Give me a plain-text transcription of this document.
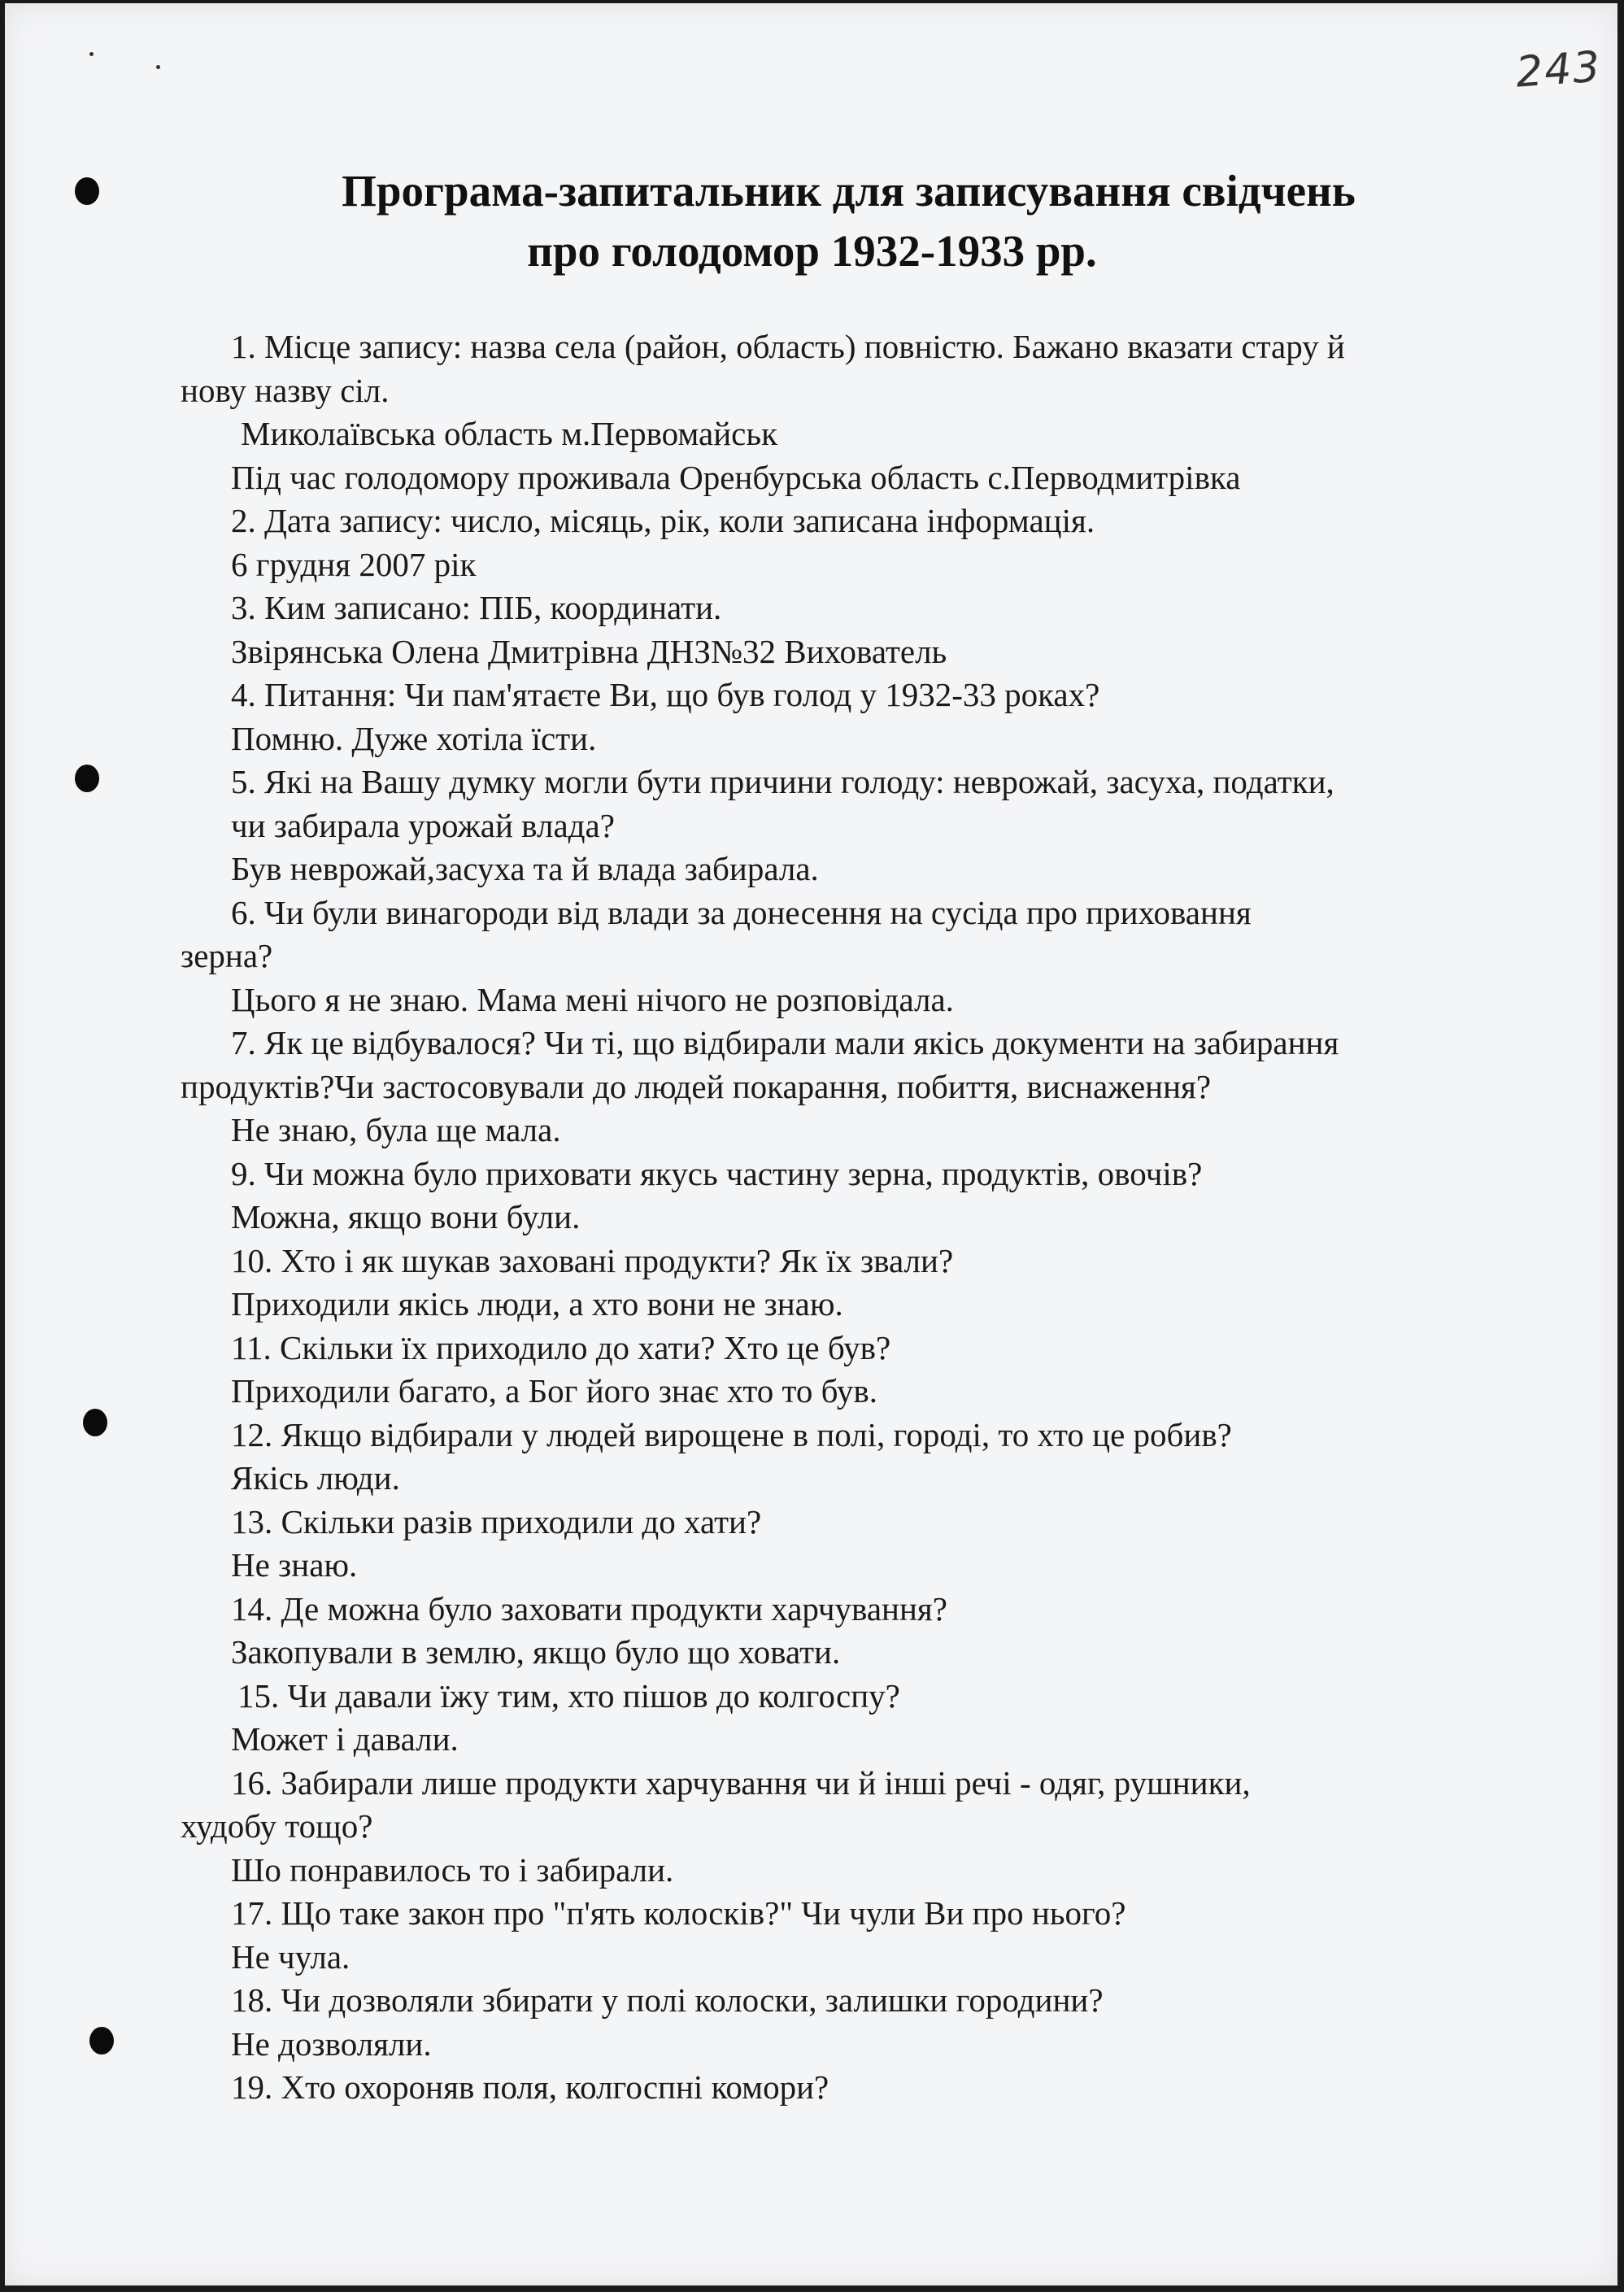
243
Програма-запитальник для записування свідчень
про голодомор 1932-1933 рр.
1. Місце запису: назва села (район, область) повністю. Бажано вказати стару й
нову назву сіл.
Миколаївська область м.Первомайськ
Під час голодомору проживала Оренбурська область с.Перводмитрівка
2. Дата запису: число, місяць, рік, коли записана інформація.
6 грудня 2007 рік
3. Ким записано: ПІБ, координати.
Звірянська Олена Дмитрівна ДНЗ№32 Вихователь
4. Питання: Чи пам'ятаєте Ви, що був голод у 1932-33 роках?
Помню. Дуже хотіла їсти.
5. Які на Вашу думку могли бути причини голоду: неврожай, засуха, податки,
чи забирала урожай влада?
Був неврожай,засуха та й влада забирала.
6. Чи були винагороди від влади за донесення на сусіда про приховання
зерна?
Цього я не знаю. Мама мені нічого не розповідала.
7. Як це відбувалося? Чи ті, що відбирали мали якісь документи на забирання
продуктів?Чи застосовували до людей покарання, побиття, виснаження?
Не знаю, була ще мала.
9. Чи можна було приховати якусь частину зерна, продуктів, овочів?
Можна, якщо вони були.
10. Хто і як шукав заховані продукти? Як їх звали?
Приходили якісь люди, а хто вони не знаю.
11. Скільки їх приходило до хати? Хто це був?
Приходили багато, а Бог його знає хто то був.
12. Якщо відбирали у людей вирощене в полі, городі, то хто це робив?
Якісь люди.
13. Скільки разів приходили до хати?
Не знаю.
14. Де можна було заховати продукти харчування?
Закопували в землю, якщо було що ховати.
15. Чи давали їжу тим, хто пішов до колгоспу?
Может і давали.
16. Забирали лише продукти харчування чи й інші речі - одяг, рушники,
худобу тощо?
Шо понравилось то і забирали.
17. Що таке закон про "п'ять колосків?" Чи чули Ви про нього?
Не чула.
18. Чи дозволяли збирати у полі колоски, залишки городини?
Не дозволяли.
19. Хто охороняв поля, колгоспні комори?
